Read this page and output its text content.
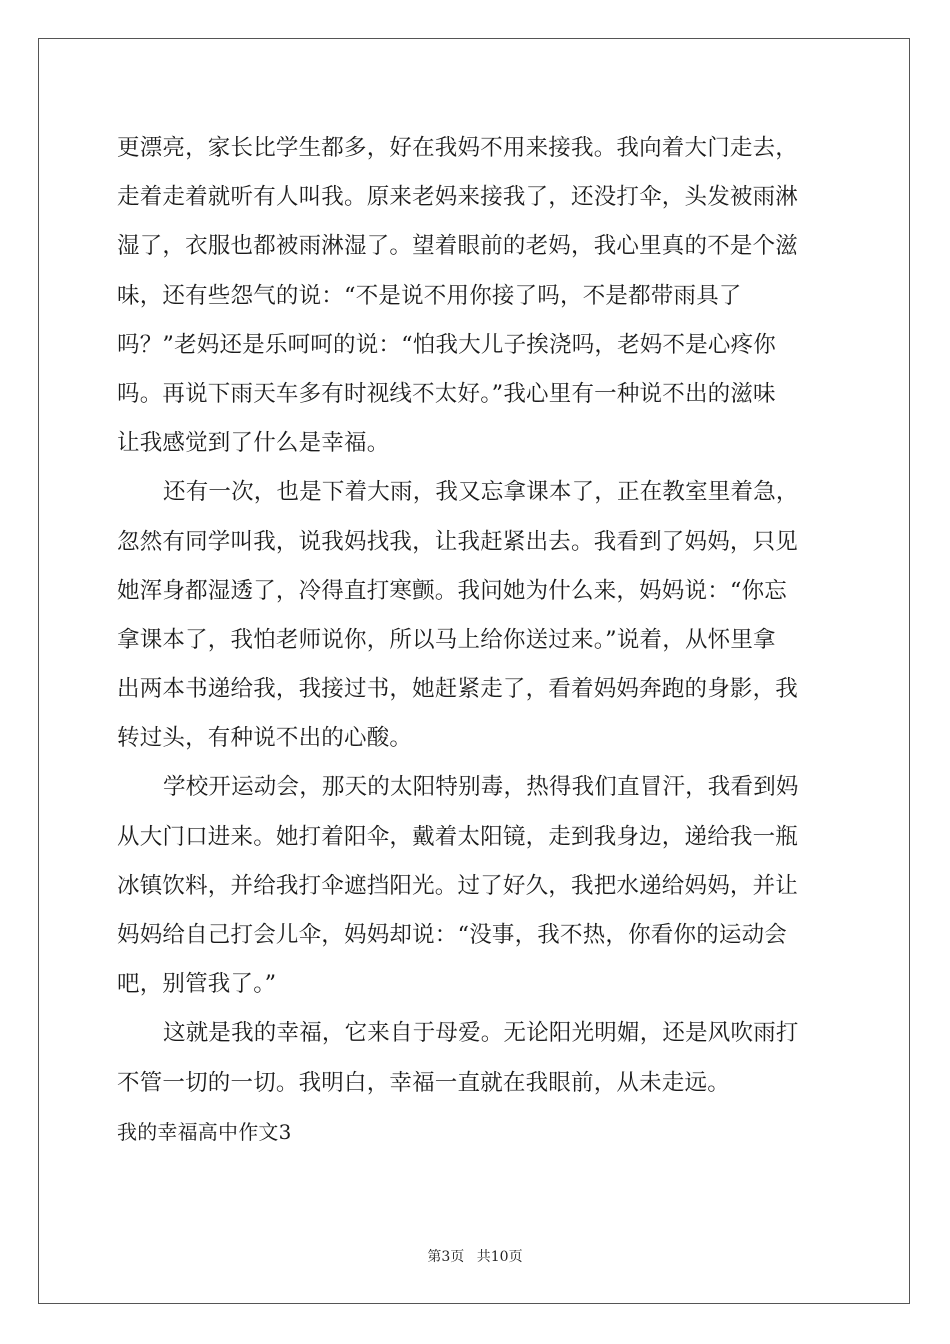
更漂亮，家长比学生都多，好在我妈不用来接我。我向着大门走去，
走着走着就听有人叫我。原来老妈来接我了，还没打伞，头发被雨淋
湿了，衣服也都被雨淋湿了。望着眼前的老妈，我心里真的不是个滋
味，还有些怨气的说：“不是说不用你接了吗，不是都带雨具了
吗？”老妈还是乐呵呵的说：“怕我大儿子挨浇吗，老妈不是心疼你
吗。再说下雨天车多有时视线不太好。”我心里有一种说不出的滋味
让我感觉到了什么是幸福。
还有一次，也是下着大雨，我又忘拿课本了，正在教室里着急，
忽然有同学叫我，说我妈找我，让我赶紧出去。我看到了妈妈，只见
她浑身都湿透了，冷得直打寒颤。我问她为什么来，妈妈说：“你忘
拿课本了，我怕老师说你，所以马上给你送过来。”说着，从怀里拿
出两本书递给我，我接过书，她赶紧走了，看着妈妈奔跑的身影，我
转过头，有种说不出的心酸。
学校开运动会，那天的太阳特别毒，热得我们直冒汗，我看到妈
从大门口进来。她打着阳伞，戴着太阳镜，走到我身边，递给我一瓶
冰镇饮料，并给我打伞遮挡阳光。过了好久，我把水递给妈妈，并让
妈妈给自己打会儿伞，妈妈却说：“没事，我不热，你看你的运动会
吧，别管我了。”
这就是我的幸福，它来自于母爱。无论阳光明媚，还是风吹雨打
不管一切的一切。我明白，幸福一直就在我眼前，从未走远。
我的幸福高中作文3
第3页 共10页
